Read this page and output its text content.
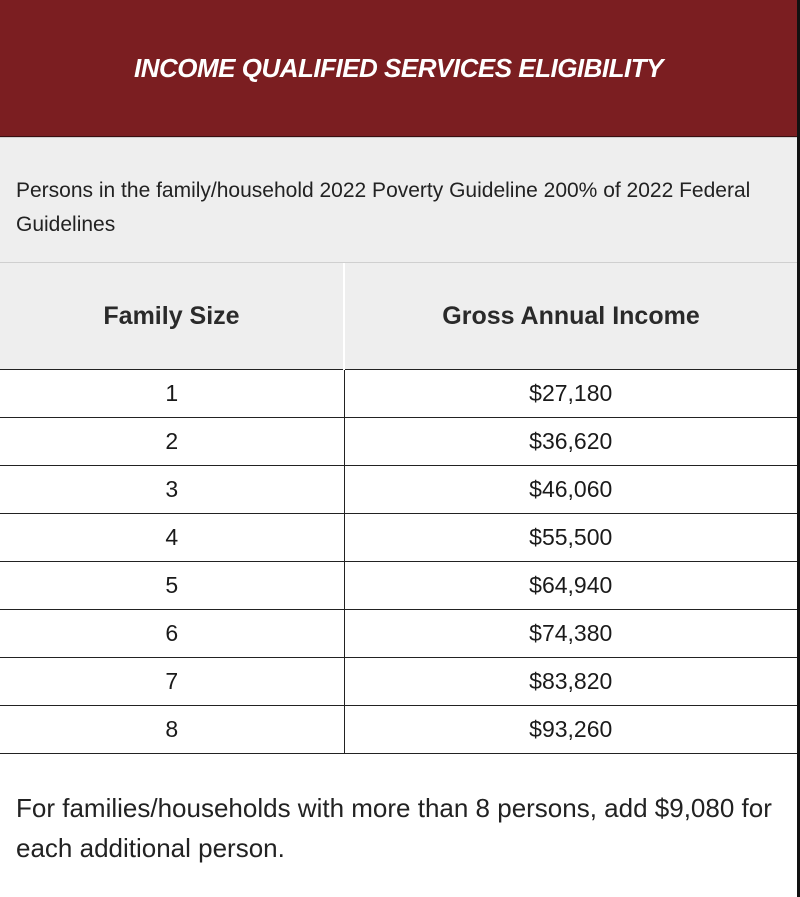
INCOME QUALIFIED SERVICES ELIGIBILITY
Persons in the family/household 2022 Poverty Guideline 200% of 2022 Federal Guidelines
Family Size	Gross Annual Income
1	$27,180
2	$36,620
3	$46,060
4	$55,500
5	$64,940
6	$74,380
7	$83,820
8	$93,260
For families/households with more than 8 persons, add $9,080 for each additional person.
